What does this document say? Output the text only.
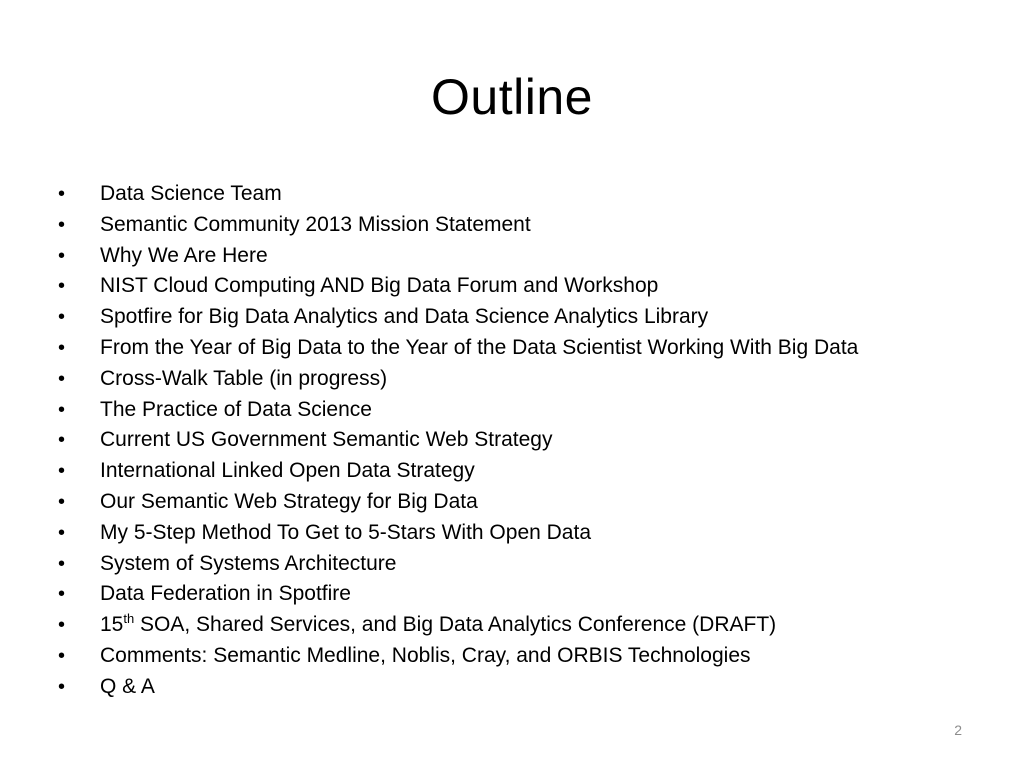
Outline
•	Data Science Team
•	Semantic Community 2013 Mission Statement
•	Why We Are Here
•	NIST Cloud Computing AND Big Data Forum and Workshop
•	Spotfire for Big Data Analytics and Data Science Analytics Library
•	From the Year of Big Data to the Year of the Data Scientist Working With Big Data
•	Cross-Walk Table (in progress)
•	The Practice of Data Science
•	Current US Government Semantic Web Strategy
•	International Linked Open Data Strategy
•	Our Semantic Web Strategy for Big Data
•	My 5-Step Method To Get to 5-Stars With Open Data
•	System of Systems Architecture
•	Data Federation in Spotfire
•	15th SOA, Shared Services, and Big Data Analytics Conference (DRAFT)
•	Comments: Semantic Medline, Noblis, Cray, and ORBIS Technologies
•	Q & A
2
